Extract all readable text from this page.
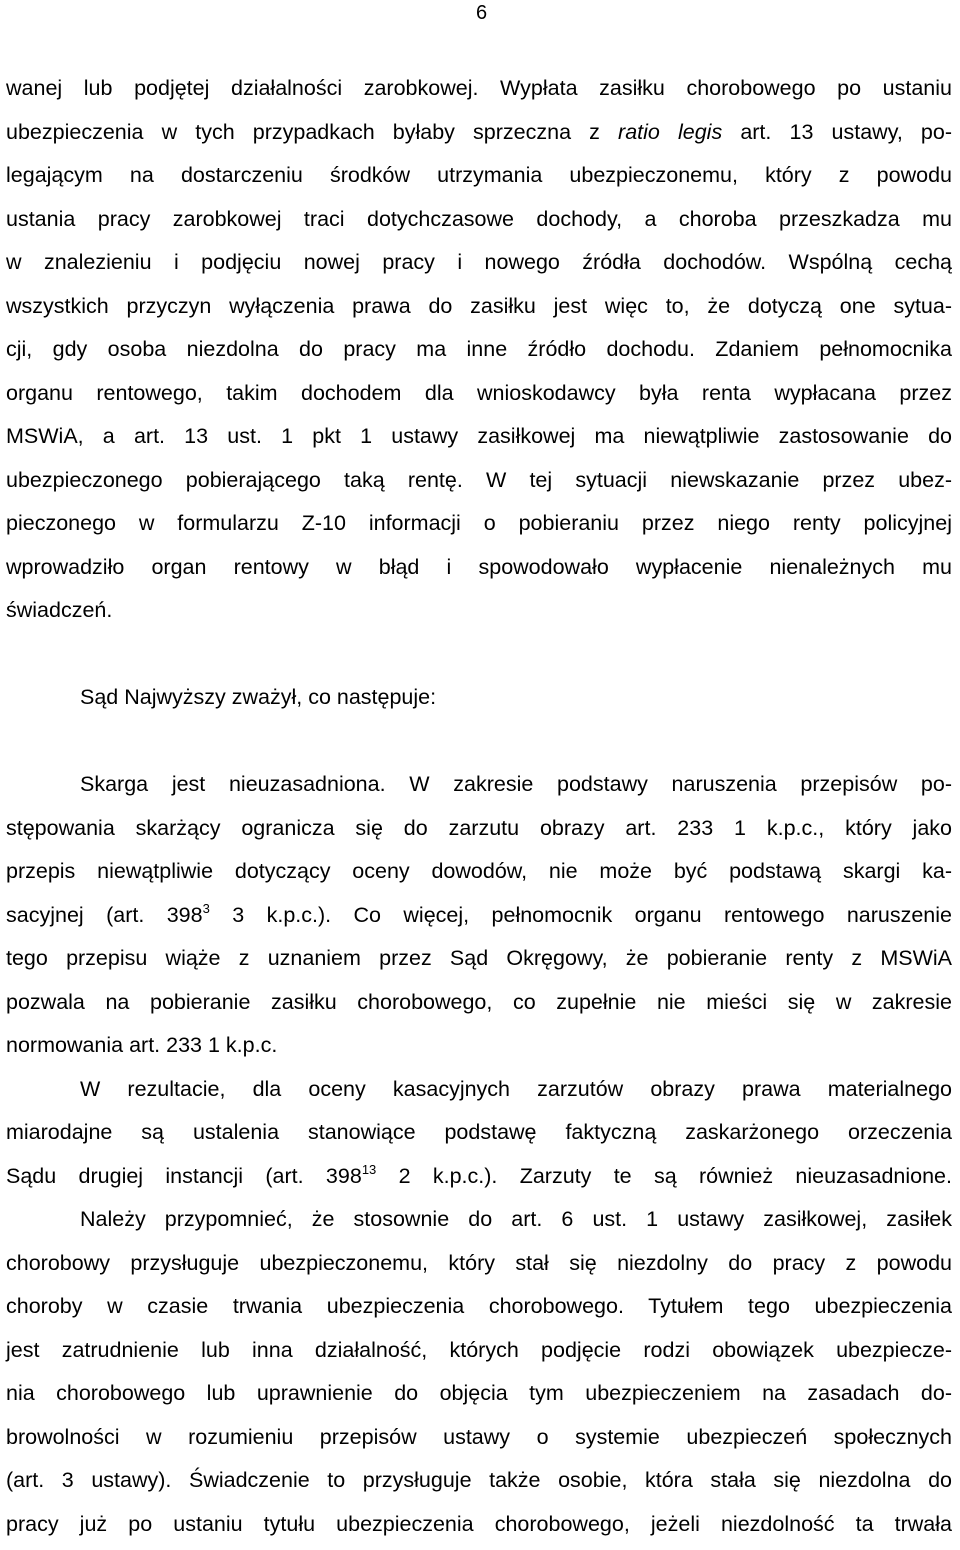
6
wanej lub podjętej działalności zarobkowej. Wypłata zasiłku chorobowego po ustaniu
ubezpieczenia w tych przypadkach byłaby sprzeczna z ratio legis art. 13 ustawy, po-
legającym na dostarczeniu środków utrzymania ubezpieczonemu, który z powodu
ustania pracy zarobkowej traci dotychczasowe dochody, a choroba przeszkadza mu
w znalezieniu i podjęciu nowej pracy i nowego źródła dochodów. Wspólną cechą
wszystkich przyczyn wyłączenia prawa do zasiłku jest więc to, że dotyczą one sytua-
cji, gdy osoba niezdolna do pracy ma inne źródło dochodu. Zdaniem pełnomocnika
organu rentowego, takim dochodem dla wnioskodawcy była renta wypłacana przez
MSWiA, a art. 13 ust. 1 pkt 1 ustawy zasiłkowej ma niewątpliwie zastosowanie do
ubezpieczonego pobierającego taką rentę. W tej sytuacji niewskazanie przez ubez-
pieczonego w formularzu Z-10 informacji o pobieraniu przez niego renty policyjnej
wprowadziło organ rentowy w błąd i spowodowało wypłacenie nienależnych mu
świadczeń.
Sąd Najwyższy zważył, co następuje:
Skarga jest nieuzasadniona. W zakresie podstawy naruszenia przepisów po-
stępowania skarżący ogranicza się do zarzutu obrazy art. 233 1 k.p.c., który jako
przepis niewątpliwie dotyczący oceny dowodów, nie może być podstawą skargi ka-
sacyjnej (art. $398^3$ 3 k.p.c.). Co więcej, pełnomocnik organu rentowego naruszenie
tego przepisu wiąże z uznaniem przez Sąd Okręgowy, że pobieranie renty z MSWiA
pozwala na pobieranie zasiłku chorobowego, co zupełnie nie mieści się w zakresie
normowania art. 233 1 k.p.c.
W rezultacie, dla oceny kasacyjnych zarzutów obrazy prawa materialnego
miarodajne są ustalenia stanowiące podstawę faktyczną zaskarżonego orzeczenia
Sądu drugiej instancji (art. $398^{13}$ 2 k.p.c.). Zarzuty te są również nieuzasadnione.
Należy przypomnieć, że stosownie do art. 6 ust. 1 ustawy zasiłkowej, zasiłek
chorobowy przysługuje ubezpieczonemu, który stał się niezdolny do pracy z powodu
choroby w czasie trwania ubezpieczenia chorobowego. Tytułem tego ubezpieczenia
jest zatrudnienie lub inna działalność, których podjęcie rodzi obowiązek ubezpiecze-
nia chorobowego lub uprawnienie do objęcia tym ubezpieczeniem na zasadach do-
browolności w rozumieniu przepisów ustawy o systemie ubezpieczeń społecznych
(art. 3 ustawy). Świadczenie to przysługuje także osobie, która stała się niezdolna do
pracy już po ustaniu tytułu ubezpieczenia chorobowego, jeżeli niezdolność ta trwała
